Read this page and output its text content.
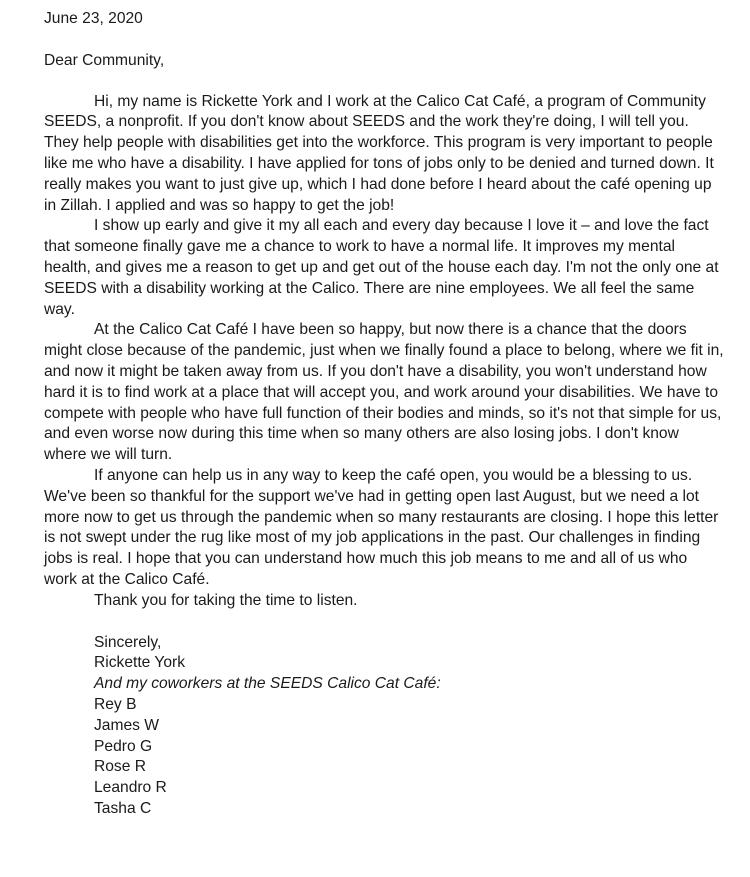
June 23, 2020

Dear Community,

Hi, my name is Rickette York and I work at the Calico Cat Café, a program of Community SEEDS, a nonprofit. If you don't know about SEEDS and the work they're doing, I will tell you. They help people with disabilities get into the workforce. This program is very important to people like me who have a disability. I have applied for tons of jobs only to be denied and turned down. It really makes you want to just give up, which I had done before I heard about the café opening up in Zillah. I applied and was so happy to get the job!

I show up early and give it my all each and every day because I love it – and love the fact that someone finally gave me a chance to work to have a normal life. It improves my mental health, and gives me a reason to get up and get out of the house each day. I'm not the only one at SEEDS with a disability working at the Calico. There are nine employees. We all feel the same way.

At the Calico Cat Café I have been so happy, but now there is a chance that the doors might close because of the pandemic, just when we finally found a place to belong, where we fit in, and now it might be taken away from us. If you don't have a disability, you won't understand how hard it is to find work at a place that will accept you, and work around your disabilities. We have to compete with people who have full function of their bodies and minds, so it's not that simple for us, and even worse now during this time when so many others are also losing jobs. I don't know where we will turn.

If anyone can help us in any way to keep the café open, you would be a blessing to us. We've been so thankful for the support we've had in getting open last August, but we need a lot more now to get us through the pandemic when so many restaurants are closing. I hope this letter is not swept under the rug like most of my job applications in the past. Our challenges in finding jobs is real. I hope that you can understand how much this job means to me and all of us who work at the Calico Café.

Thank you for taking the time to listen.

Sincerely,

Rickette York

And my coworkers at the SEEDS Calico Cat Café:

Rey B
James W
Pedro G
Rose R
Leandro R
Tasha C
